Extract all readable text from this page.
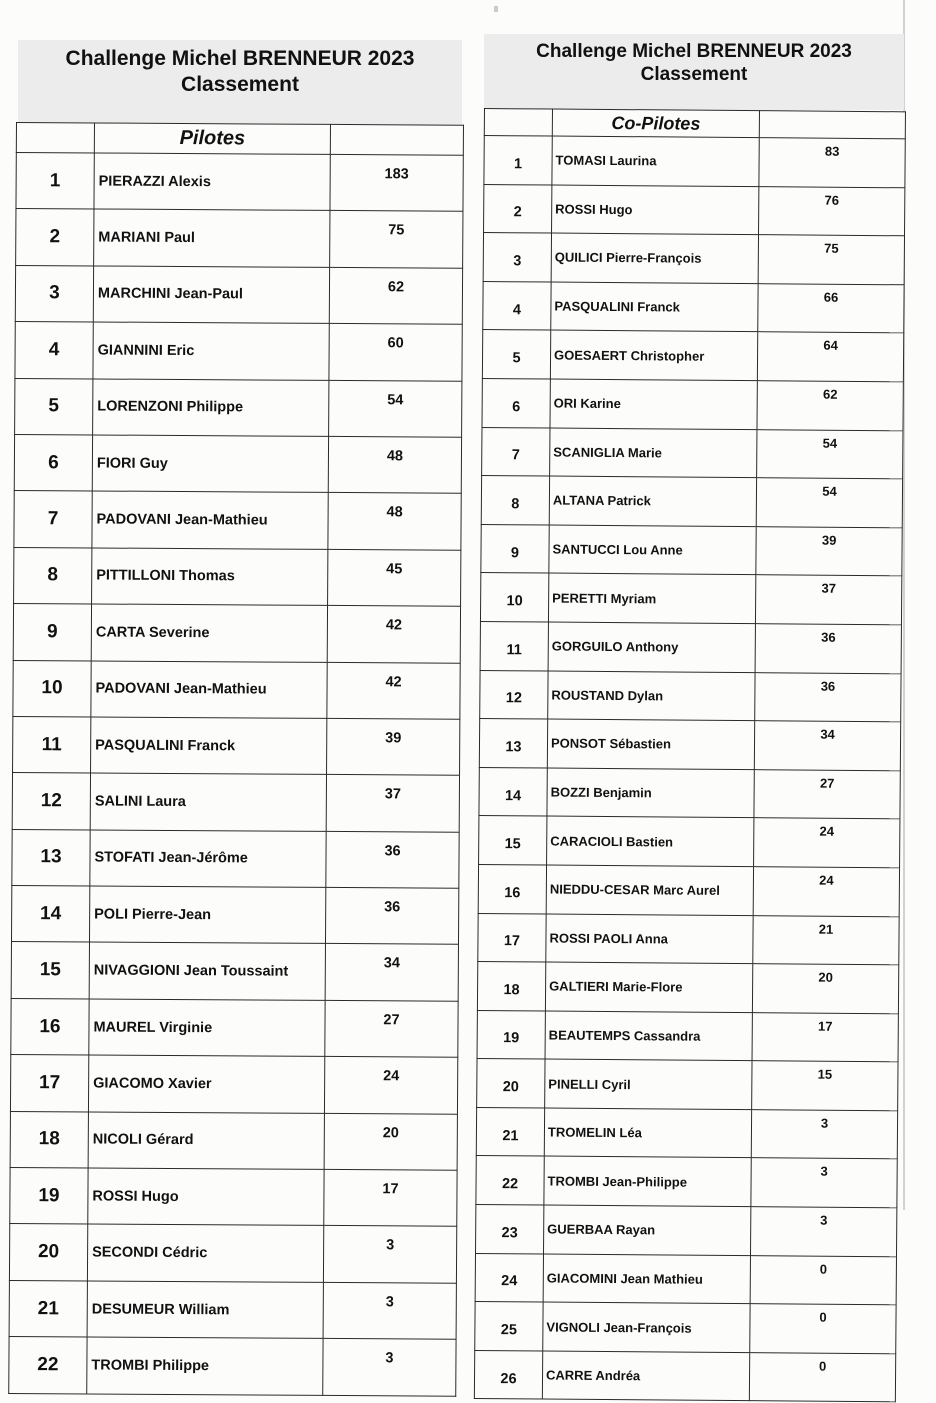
Challenge Michel BRENNEUR 2023
Classement
	Pilotes	
1	PIERAZZI Alexis	183
2	MARIANI Paul	75
3	MARCHINI Jean-Paul	62
4	GIANNINI Eric	60
5	LORENZONI Philippe	54
6	FIORI Guy	48
7	PADOVANI Jean-Mathieu	48
8	PITTILLONI Thomas	45
9	CARTA Severine	42
10	PADOVANI Jean-Mathieu	42
11	PASQUALINI Franck	39
12	SALINI Laura	37
13	STOFATI Jean-Jérôme	36
14	POLI Pierre-Jean	36
15	NIVAGGIONI Jean Toussaint	34
16	MAUREL Virginie	27
17	GIACOMO Xavier	24
18	NICOLI Gérard	20
19	ROSSI Hugo	17
20	SECONDI Cédric	3
21	DESUMEUR William	3
22	TROMBI Philippe	3
Challenge Michel BRENNEUR 2023
Classement
	Co-Pilotes	
1	TOMASI Laurina	83
2	ROSSI Hugo	76
3	QUILICI Pierre-François	75
4	PASQUALINI Franck	66
5	GOESAERT Christopher	64
6	ORI Karine	62
7	SCANIGLIA Marie	54
8	ALTANA Patrick	54
9	SANTUCCI Lou Anne	39
10	PERETTI Myriam	37
11	GORGUILO Anthony	36
12	ROUSTAND Dylan	36
13	PONSOT Sébastien	34
14	BOZZI Benjamin	27
15	CARACIOLI Bastien	24
16	NIEDDU-CESAR Marc Aurel	24
17	ROSSI PAOLI Anna	21
18	GALTIERI Marie-Flore	20
19	BEAUTEMPS Cassandra	17
20	PINELLI Cyril	15
21	TROMELIN Léa	3
22	TROMBI Jean-Philippe	3
23	GUERBAA Rayan	3
24	GIACOMINI Jean Mathieu	0
25	VIGNOLI Jean-François	0
26	CARRE Andréa	0
